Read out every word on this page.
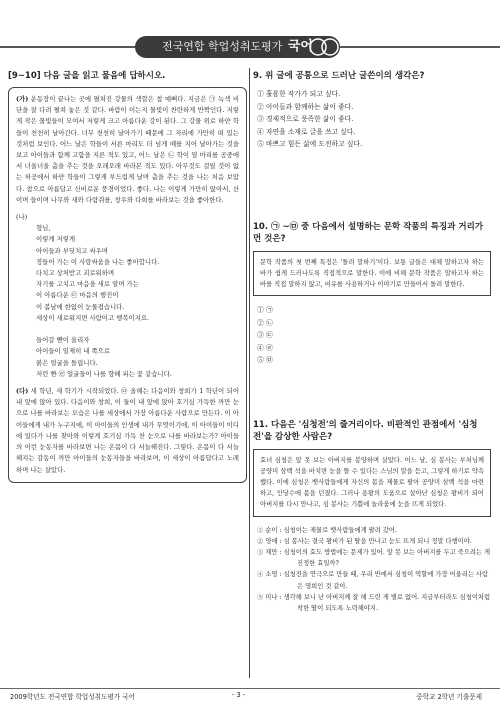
전국연합 학업성취도평가 국어
[9∼10] 다음 글을 읽고 물음에 답하시오.

(가) 운동장이 끝나는 곳에 펼쳐진 강물의 색깔은 참 예뻐다. 지금은 ㉠ 녹색 비단을 잘 다려 펼쳐 놓은 것 같다. 바람이 이는지 물빛이 찬란하게 반짝인다. 저렇게 작은 물빛들이 모여서 저렇게 크고 아름다운 강이 된다. 그 강물 위로 하얀 학들이 천천히 날아간다. 너무 천천히 날아가기 때문에 그 자리에 가만히 떠 있는 것처럼 보인다. 어느 날은 학들이 서른 마리도 더 넘게 떼를 지어 날아가는 것을 보고 아이들과 함께 고함을 지른 적도 있고, 어느 날은 ㉡ 학이 열 마리를 공중에서 너울너울 춤을 추는 것을 오래오래 바라본 적도 있다. 아무것도 걸릴 것이 없는 허공에서 하얀 학들이 그렇게 부드럽게 날며 춤을 추는 것을 나는 처음 보았다. 참으로 아름답고 신비로운 풍경이었다. 좋다. 나는 이렇게 가만히 앉아서, 산이며 들이며 나무와 새와 다람쥐를, 창우와 다희를 바라보는 것을 좋아한다.

(나)

형님,
이렇게 저렇게
아이들과 부딪치고 싸우며
정들어 가는 이 사랑싸움을 나는 좋아합니다.
다치고 상처받고 괴로워하며
자기를 고치고 마음을 새로 열며 가는
이 아름다운 ㉢ 마음의 행진이
이 봄날에 한없이 눈물겹습니다.
세상이 새로워지면 사람이고 행복이지요.

들어갈 뺨이 올리자
아이들이 일제히 내 쪽으로
붉은 얼굴을 돌립니다.
저런 빤 ㉣ 얼굴들이 나를 향해 피는 꽃 같습니다.

(다) 새 학년, 새 학기가 시작되었다. ㉤ 올해는 다음이와 창희가 1 학년이 되어 내 앞에 앉아 있다. 다음이와 창희, 이 둘이 내 앞에 앉아 호기심 가득한 까만 눈으로 나를 바라보는 모습은 나를 세상에서 가장 아름다운 사람으로 만든다. 이 아이들에게 내가 누구지에, 이 아이들의 인생에 내가 무엇이기에, 이 아이들이 이디에 있다가 나를 찾아와 이렇게 호기심 가득 찬 눈으로 나를 바라보는가? 아이들의 이런 눈동자를 바라보면 나는 온몸이 다 서늘해진다. 그렇다. 온몸이 다 서늘해지는 감동이 까만 아이들의 눈동자들을 바라보며, 이 세상이 아름답다고 노래하며 나는 살았다.

9. 위 글에 공통으로 드러난 글쓴이의 생각은?
① 훌륭한 작가가 되고 싶다.
② 아이들과 함께하는 삶이 좋다.
③ 경제적으로 풍족한 삶이 좋다.
④ 자연을 소재로 글을 쓰고 싶다.
⑤ 바쁘고 힘든 삶에 도전하고 싶다.
10. ㉠ ~㉤ 중 다음에서 설명하는 문학 작품의 특징과 거리가 먼 것은?
문학 작품의 첫 번째 특징은 '돌려 말하기'이다. 보통 글들은 대체 말하고자 하는 바가 쉽게 드러나도록 직접적으로 말한다. 이에 비해 문학 작품은 말하고자 하는 바를 직접 말하지 않고, 비유를 사용하거나 이야기로 만들어서 돌려 말한다.
① ㉠
② ㉡
③ ㉢
④ ㉣
⑤ ㉤
11. 다음은 '심청전'의 줄거리이다. 비판적인 관점에서 '심청전'을 감상한 사람은?
효녀 심청은 앞 못 보는 아버지를 봉양하며 살았다. 어느 날, 심 봉사는 부처님께 공양미 삼백 석을 바치면 눈을 뜰 수 있다는 스님의 말을 듣고, 그렇게 하기로 약속했다. 이에 심청은 뱃사람들에게 자신의 몸을 제물로 팔아 공양미 삼백 석을 마련하고, 인당수에 몸을 던졌다. 그러나 용왕의 도움으로 살아난 심청은 왕비가 되어 아버지를 다시 만나고, 심 봉사는 기쁨에 놀라움에 눈을 뜨게 되었다.
① 순이 : 심청이는 제물로 뱃사람들에게 팔려 갔어.
② 영애 : 심 봉사는 결국 왕비가 된 딸을 만나고 눈도 뜨게 되니 정말 다행이야.
③ 재만 : 심청이의 효도 방법에는 문제가 있어. 앞 못 보는 아버지를 두고 죽으려는 게 진정한 효일까?
④ 소영 : 심청전을 연극으로 만들 때, 우리 반에서 심청이 역할에 가장 어울리는 사람은 영희인 것 같아.
⑤ 미나 : 생각해 보니 난 아버지께 잘 해 드린 게 별로 없어. 지금부터라도 심청이처럼 착한 딸이 되도록 노력해야지.
2009학년도 전국연합 학업성취도평가 국어	- 3 -	중학교 2학년 기출문제
